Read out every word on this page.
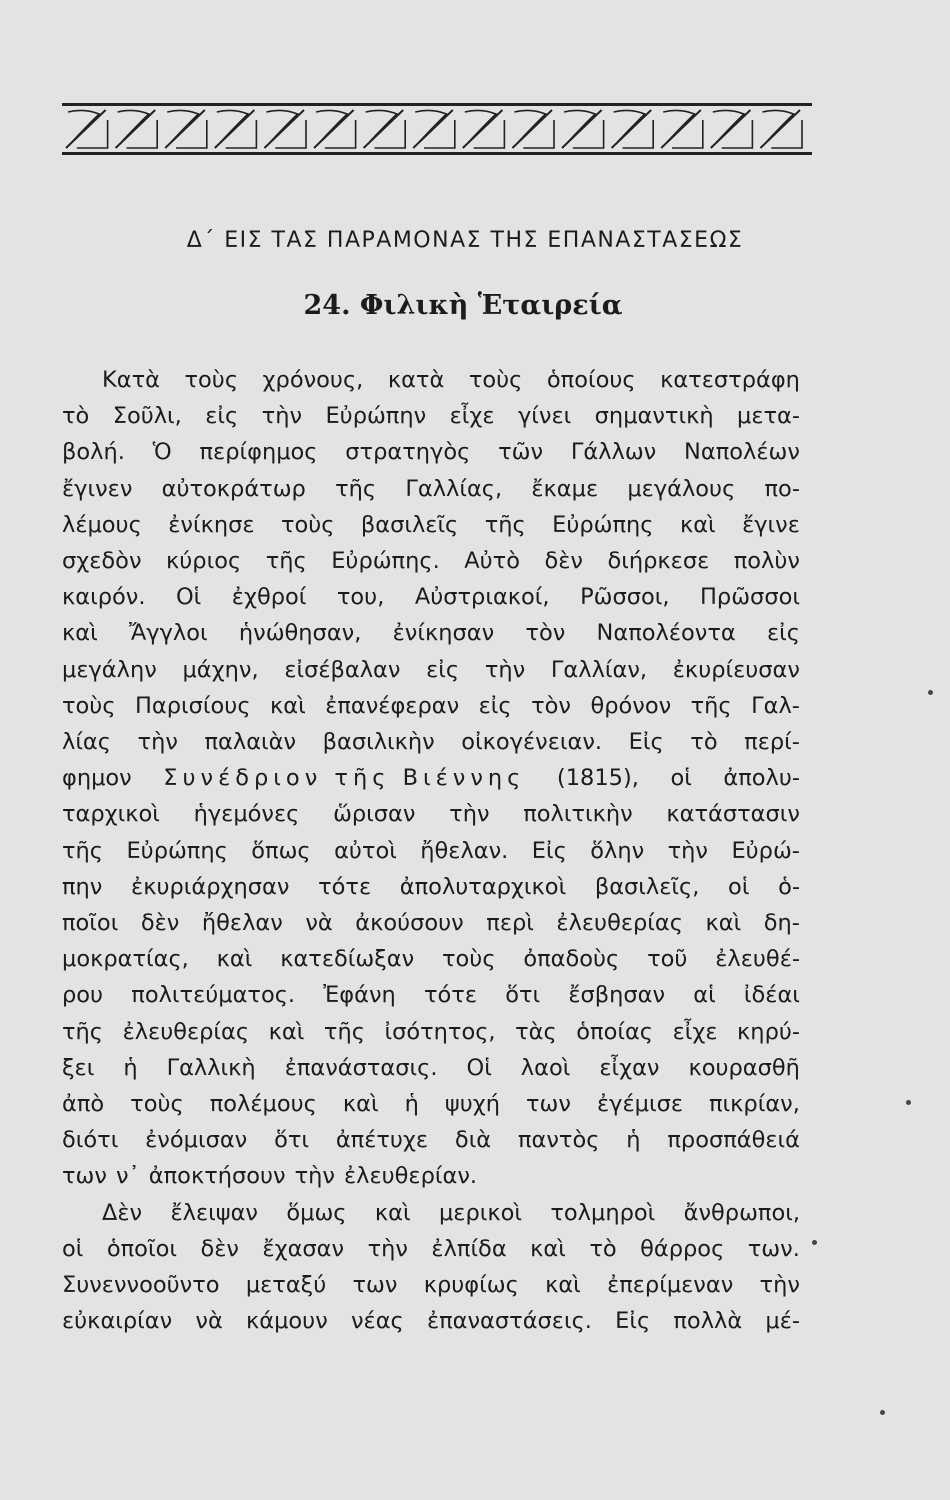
Δ΄ ΕΙΣ ΤΑΣ ΠΑΡΑΜΟΝΑΣ ΤΗΣ ΕΠΑΝΑΣΤΑΣΕΩΣ
24. Φιλικὴ Ἑταιρεία
Κατὰ τοὺς χρόνους, κατὰ τοὺς ὁποίους κατεστράφη
τὸ Σοῦλι, εἰς τὴν Εὐρώπην εἶχε γίνει σημαντικὴ μετα-
βολή. Ὁ περίφημος στρατηγὸς τῶν Γάλλων Ναπολέων
ἔγινεν αὐτοκράτωρ τῆς Γαλλίας, ἔκαμε μεγάλους πο-
λέμους ἐνίκησε τοὺς βασιλεῖς τῆς Εὐρώπης καὶ ἔγινε
σχεδὸν κύριος τῆς Εὐρώπης. Αὐτὸ δὲν διήρκεσε πολὺν
καιρόν. Οἱ ἐχθροί του, Αὐστριακοί, Ρῶσσοι, Πρῶσσοι
καὶ Ἄγγλοι ἡνώθησαν, ἐνίκησαν τὸν Ναπολέοντα εἰς
μεγάλην μάχην, εἰσέβαλαν εἰς τὴν Γαλλίαν, ἐκυρίευσαν
τοὺς Παρισίους καὶ ἐπανέφεραν εἰς τὸν θρόνον τῆς Γαλ-
λίας τὴν παλαιὰν βασιλικὴν οἰκογένειαν. Εἰς τὸ περί-
φημον Συνέδριον τῆς Βιέννης (1815), οἱ ἀπολυ-
ταρχικοὶ ἡγεμόνες ὥρισαν τὴν πολιτικὴν κατάστασιν
τῆς Εὐρώπης ὅπως αὐτοὶ ἤθελαν. Εἰς ὅλην τὴν Εὐρώ-
πην ἐκυριάρχησαν τότε ἀπολυταρχικοὶ βασιλεῖς, οἱ ὁ-
ποῖοι δὲν ἤθελαν νὰ ἀκούσουν περὶ ἐλευθερίας καὶ δη-
μοκρατίας, καὶ κατεδίωξαν τοὺς ὀπαδοὺς τοῦ ἐλευθέ-
ρου πολιτεύματος. Ἐφάνη τότε ὅτι ἔσβησαν αἱ ἰδέαι
τῆς ἐλευθερίας καὶ τῆς ἰσότητος, τὰς ὁποίας εἶχε κηρύ-
ξει ἡ Γαλλικὴ ἐπανάστασις. Οἱ λαοὶ εἶχαν κουρασθῆ
ἀπὸ τοὺς πολέμους καὶ ἡ ψυχή των ἐγέμισε πικρίαν,
διότι ἐνόμισαν ὅτι ἀπέτυχε διὰ παντὸς ἡ προσπάθειά
των ν᾿ ἀποκτήσουν τὴν ἐλευθερίαν.
Δὲν ἔλειψαν ὅμως καὶ μερικοὶ τολμηροὶ ἄνθρωποι,
οἱ ὁποῖοι δὲν ἔχασαν τὴν ἐλπίδα καὶ τὸ θάρρος των.
Συνεννοοῦντο μεταξύ των κρυφίως καὶ ἐπερίμεναν τὴν
εὐκαιρίαν νὰ κάμουν νέας ἐπαναστάσεις. Εἰς πολλὰ μέ-
